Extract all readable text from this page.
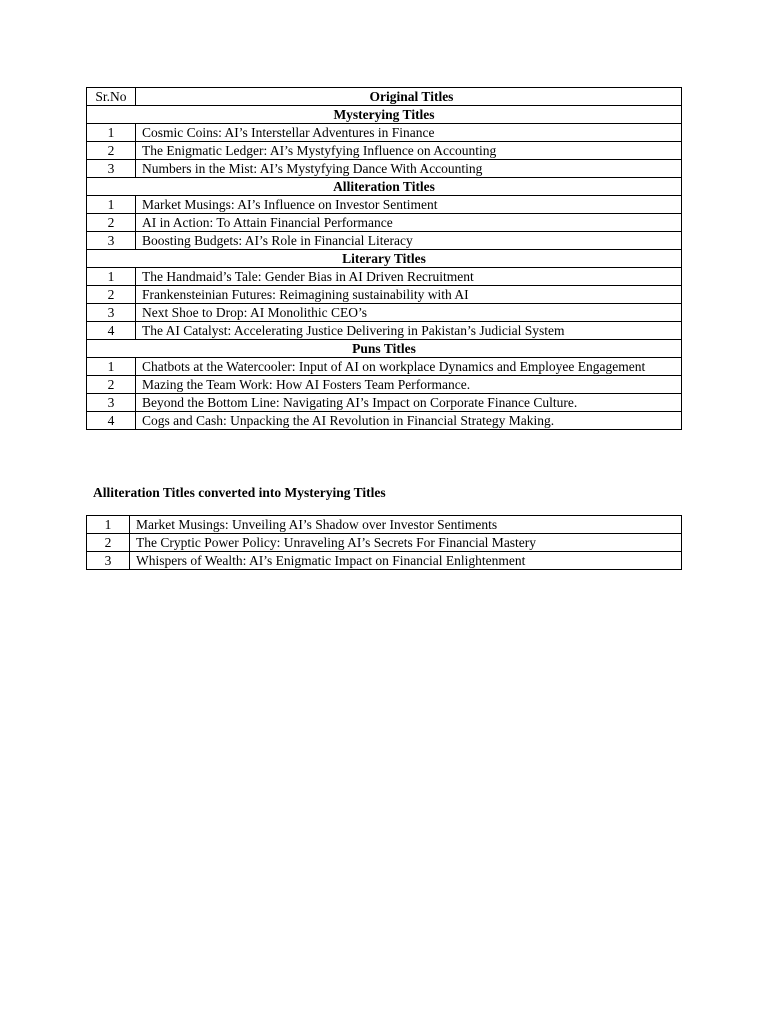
Sr.No	Original Titles
Mysterying Titles	
1	Cosmic Coins: AI’s Interstellar Adventures in Finance
2	The Enigmatic Ledger: AI’s Mystyfying Influence on Accounting
3	Numbers in the Mist: AI’s Mystyfying Dance With Accounting
Alliteration Titles	
1	Market Musings: AI’s Influence on Investor Sentiment
2	AI in Action: To Attain Financial Performance
3	Boosting Budgets: AI’s Role in Financial Literacy
Literary Titles	
1	The Handmaid’s Tale: Gender Bias in AI Driven Recruitment
2	Frankensteinian Futures: Reimagining sustainability with AI
3	Next Shoe to Drop: AI Monolithic CEO’s
4	The AI Catalyst: Accelerating Justice Delivering in Pakistan’s Judicial System
Puns Titles	
1	Chatbots at the Watercooler: Input of AI on workplace Dynamics and Employee Engagement
2	Mazing the Team Work: How AI Fosters Team Performance.
3	Beyond the Bottom Line: Navigating AI’s Impact on Corporate Finance Culture.
4	Cogs and Cash: Unpacking the AI Revolution in Financial Strategy Making.

Alliteration Titles converted into Mysterying Titles

1	Market Musings: Unveiling AI’s Shadow over Investor Sentiments
2	The Cryptic Power Policy: Unraveling AI’s Secrets For Financial Mastery
3	Whispers of Wealth: AI’s Enigmatic Impact on Financial Enlightenment
